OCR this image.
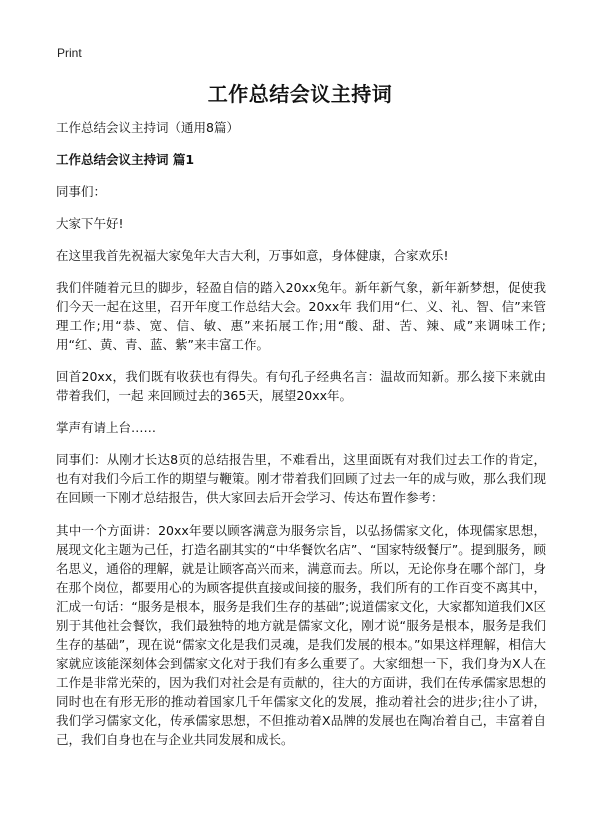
Print
工作总结会议主持词

工作总结会议主持词（通用8篇）

工作总结会议主持词 篇1

同事们：

大家下午好!

在这里我首先祝福大家兔年大吉大利，万事如意，身体健康，合家欢乐!

我们伴随着元旦的脚步，轻盈自信的踏入20xx兔年。新年新气象，新年新梦想，促使我们今天一起在这里，召开年度工作总结大会。20xx年 我们用“仁、义、礼、智、信”来管理工作;用“恭、宽、信、敏、惠”来拓展工作;用“酸、甜、苦、辣、咸”来调味工作;用“红、黄、青、蓝、紫”来丰富工作。

回首20xx，我们既有收获也有得失。有句孔子经典名言：温故而知新。那么接下来就由带着我们，一起 来回顾过去的365天，展望20xx年。

掌声有请上台……

同事们：从刚才长达8页的总结报告里，不难看出，这里面既有对我们过去工作的肯定，也有对我们今后工作的期望与鞭策。刚才带着我们回顾了过去一年的成与败，那么我们现在回顾一下刚才总结报告，供大家回去后开会学习、传达布置作参考：

其中一个方面讲：20xx年要以顾客满意为服务宗旨，以弘扬儒家文化，体现儒家思想，展现文化主题为己任，打造名副其实的“中华餐饮名店”、“国家特级餐厅”。提到服务，顾名思义，通俗的理解，就是让顾客高兴而来，满意而去。所以，无论你身在哪个部门，身在那个岗位，都要用心的为顾客提供直接或间接的服务，我们所有的工作百变不离其中，汇成一句话：“服务是根本，服务是我们生存的基础”;说道儒家文化，大家都知道我们X区别于其他社会餐饮，我们最独特的地方就是儒家文化，刚才说“服务是根本，服务是我们生存的基础”，现在说“儒家文化是我们灵魂，是我们发展的根本。”如果这样理解，相信大家就应该能深刻体会到儒家文化对于我们有多么重要了。大家细想一下，我们身为X人在工作是非常光荣的，因为我们对社会是有贡献的，往大的方面讲，我们在传承儒家思想的同时也在有形无形的推动着国家几千年儒家文化的发展，推动着社会的进步;往小了讲，我们学习儒家文化，传承儒家思想，不但推动着X品牌的发展也在陶冶着自己，丰富着自己，我们自身也在与企业共同发展和成长。
